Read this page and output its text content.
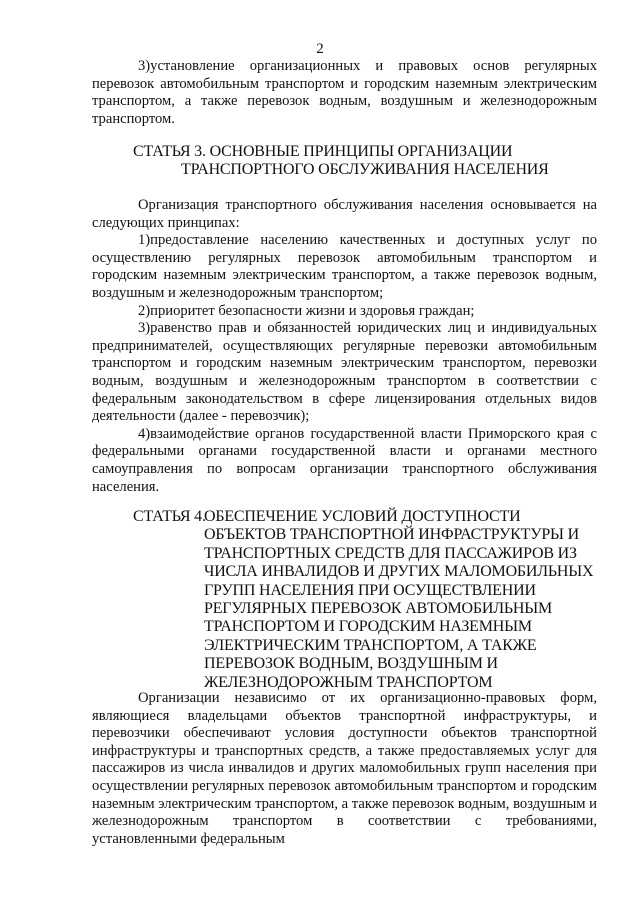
2

3)установление организационных и правовых основ регулярных перевозок автомобильным транспортом и городским наземным электрическим транспортом, а также перевозок водным, воздушным и железнодорожным транспортом.

СТАТЬЯ 3. ОСНОВНЫЕ ПРИНЦИПЫ ОРГАНИЗАЦИИ
ТРАНСПОРТНОГО ОБСЛУЖИВАНИЯ НАСЕЛЕНИЯ

Организация транспортного обслуживания населения основывается на следующих принципах:

1)предоставление населению качественных и доступных услуг по осуществлению регулярных перевозок автомобильным транспортом и городским наземным электрическим транспортом, а также перевозок водным, воздушным и железнодорожным транспортом;

2)приоритет безопасности жизни и здоровья граждан;

3)равенство прав и обязанностей юридических лиц и индивидуальных предпринимателей, осуществляющих регулярные перевозки автомобильным транспортом и городским наземным электрическим транспортом, перевозки водным, воздушным и железнодорожным транспортом в соответствии с федеральным законодательством в сфере лицензирования отдельных видов деятельности (далее - перевозчик);

4)взаимодействие органов государственной власти Приморского края с федеральными органами государственной власти и органами местного самоуправления по вопросам организации транспортного обслуживания населения.

СТАТЬЯ 4.
ОБЕСПЕЧЕНИЕ УСЛОВИЙ ДОСТУПНОСТИ ОБЪЕКТОВ ТРАНСПОРТНОЙ ИНФРАСТРУКТУРЫ И ТРАНСПОРТНЫХ СРЕДСТВ ДЛЯ ПАССАЖИРОВ ИЗ ЧИСЛА ИНВАЛИДОВ И ДРУГИХ МАЛОМОБИЛЬНЫХ ГРУПП НАСЕЛЕНИЯ ПРИ ОСУЩЕСТВЛЕНИИ РЕГУЛЯРНЫХ ПЕРЕВОЗОК АВТОМОБИЛЬНЫМ ТРАНСПОРТОМ И ГОРОДСКИМ НАЗЕМНЫМ ЭЛЕКТРИЧЕСКИМ ТРАНСПОРТОМ, А ТАКЖЕ ПЕРЕВОЗОК ВОДНЫМ, ВОЗДУШНЫМ И ЖЕЛЕЗНОДОРОЖНЫМ ТРАНСПОРТОМ

Организации независимо от их организационно-правовых форм, являющиеся владельцами объектов транспортной инфраструктуры, и перевозчики обеспечивают условия доступности объектов транспортной инфраструктуры и транспортных средств, а также предоставляемых услуг для пассажиров из числа инвалидов и других маломобильных групп населения при осуществлении регулярных перевозок автомобильным транспортом и городским наземным электрическим транспортом, а также перевозок водным, воздушным и железнодорожным транспортом в соответствии с требованиями, установленными федеральным
